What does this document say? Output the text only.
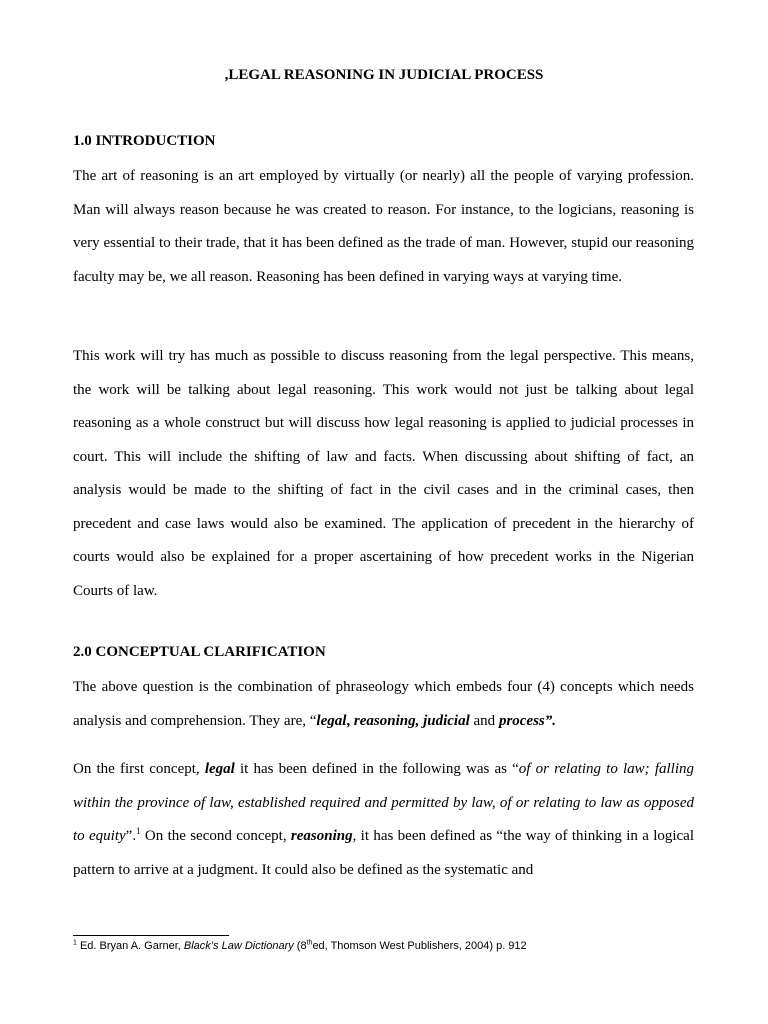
,LEGAL REASONING IN JUDICIAL PROCESS
1.0 INTRODUCTION
The art of reasoning is an art employed by virtually (or nearly) all the people of varying profession. Man will always reason because he was created to reason. For instance, to the logicians, reasoning is very essential to their trade, that it has been defined as the trade of man. However, stupid our reasoning faculty may be, we all reason. Reasoning has been defined in varying ways at varying time.
This work will try has much as possible to discuss reasoning from the legal perspective. This means, the work will be talking about legal reasoning. This work would not just be talking about legal reasoning as a whole construct but will discuss how legal reasoning is applied to judicial processes in court. This will include the shifting of law and facts. When discussing about shifting of fact, an analysis would be made to the shifting of fact in the civil cases and in the criminal cases, then precedent and case laws would also be examined. The application of precedent in the hierarchy of courts would also be explained for a proper ascertaining of how precedent works in the Nigerian Courts of law.
2.0 CONCEPTUAL CLARIFICATION
The above question is the combination of phraseology which embeds four (4) concepts which needs analysis and comprehension. They are, “legal, reasoning, judicial and process”.
On the first concept, legal it has been defined in the following was as “of or relating to law; falling within the province of law, established required and permitted by law, of or relating to law as opposed to equity”.$^1$ On the second concept, reasoning, it has been defined as “the way of thinking in a logical pattern to arrive at a judgment. It could also be defined as the systematic and
$^1$ Ed. Bryan A. Garner, Black’s Law Dictionary (8thed, Thomson West Publishers, 2004) p. 912
